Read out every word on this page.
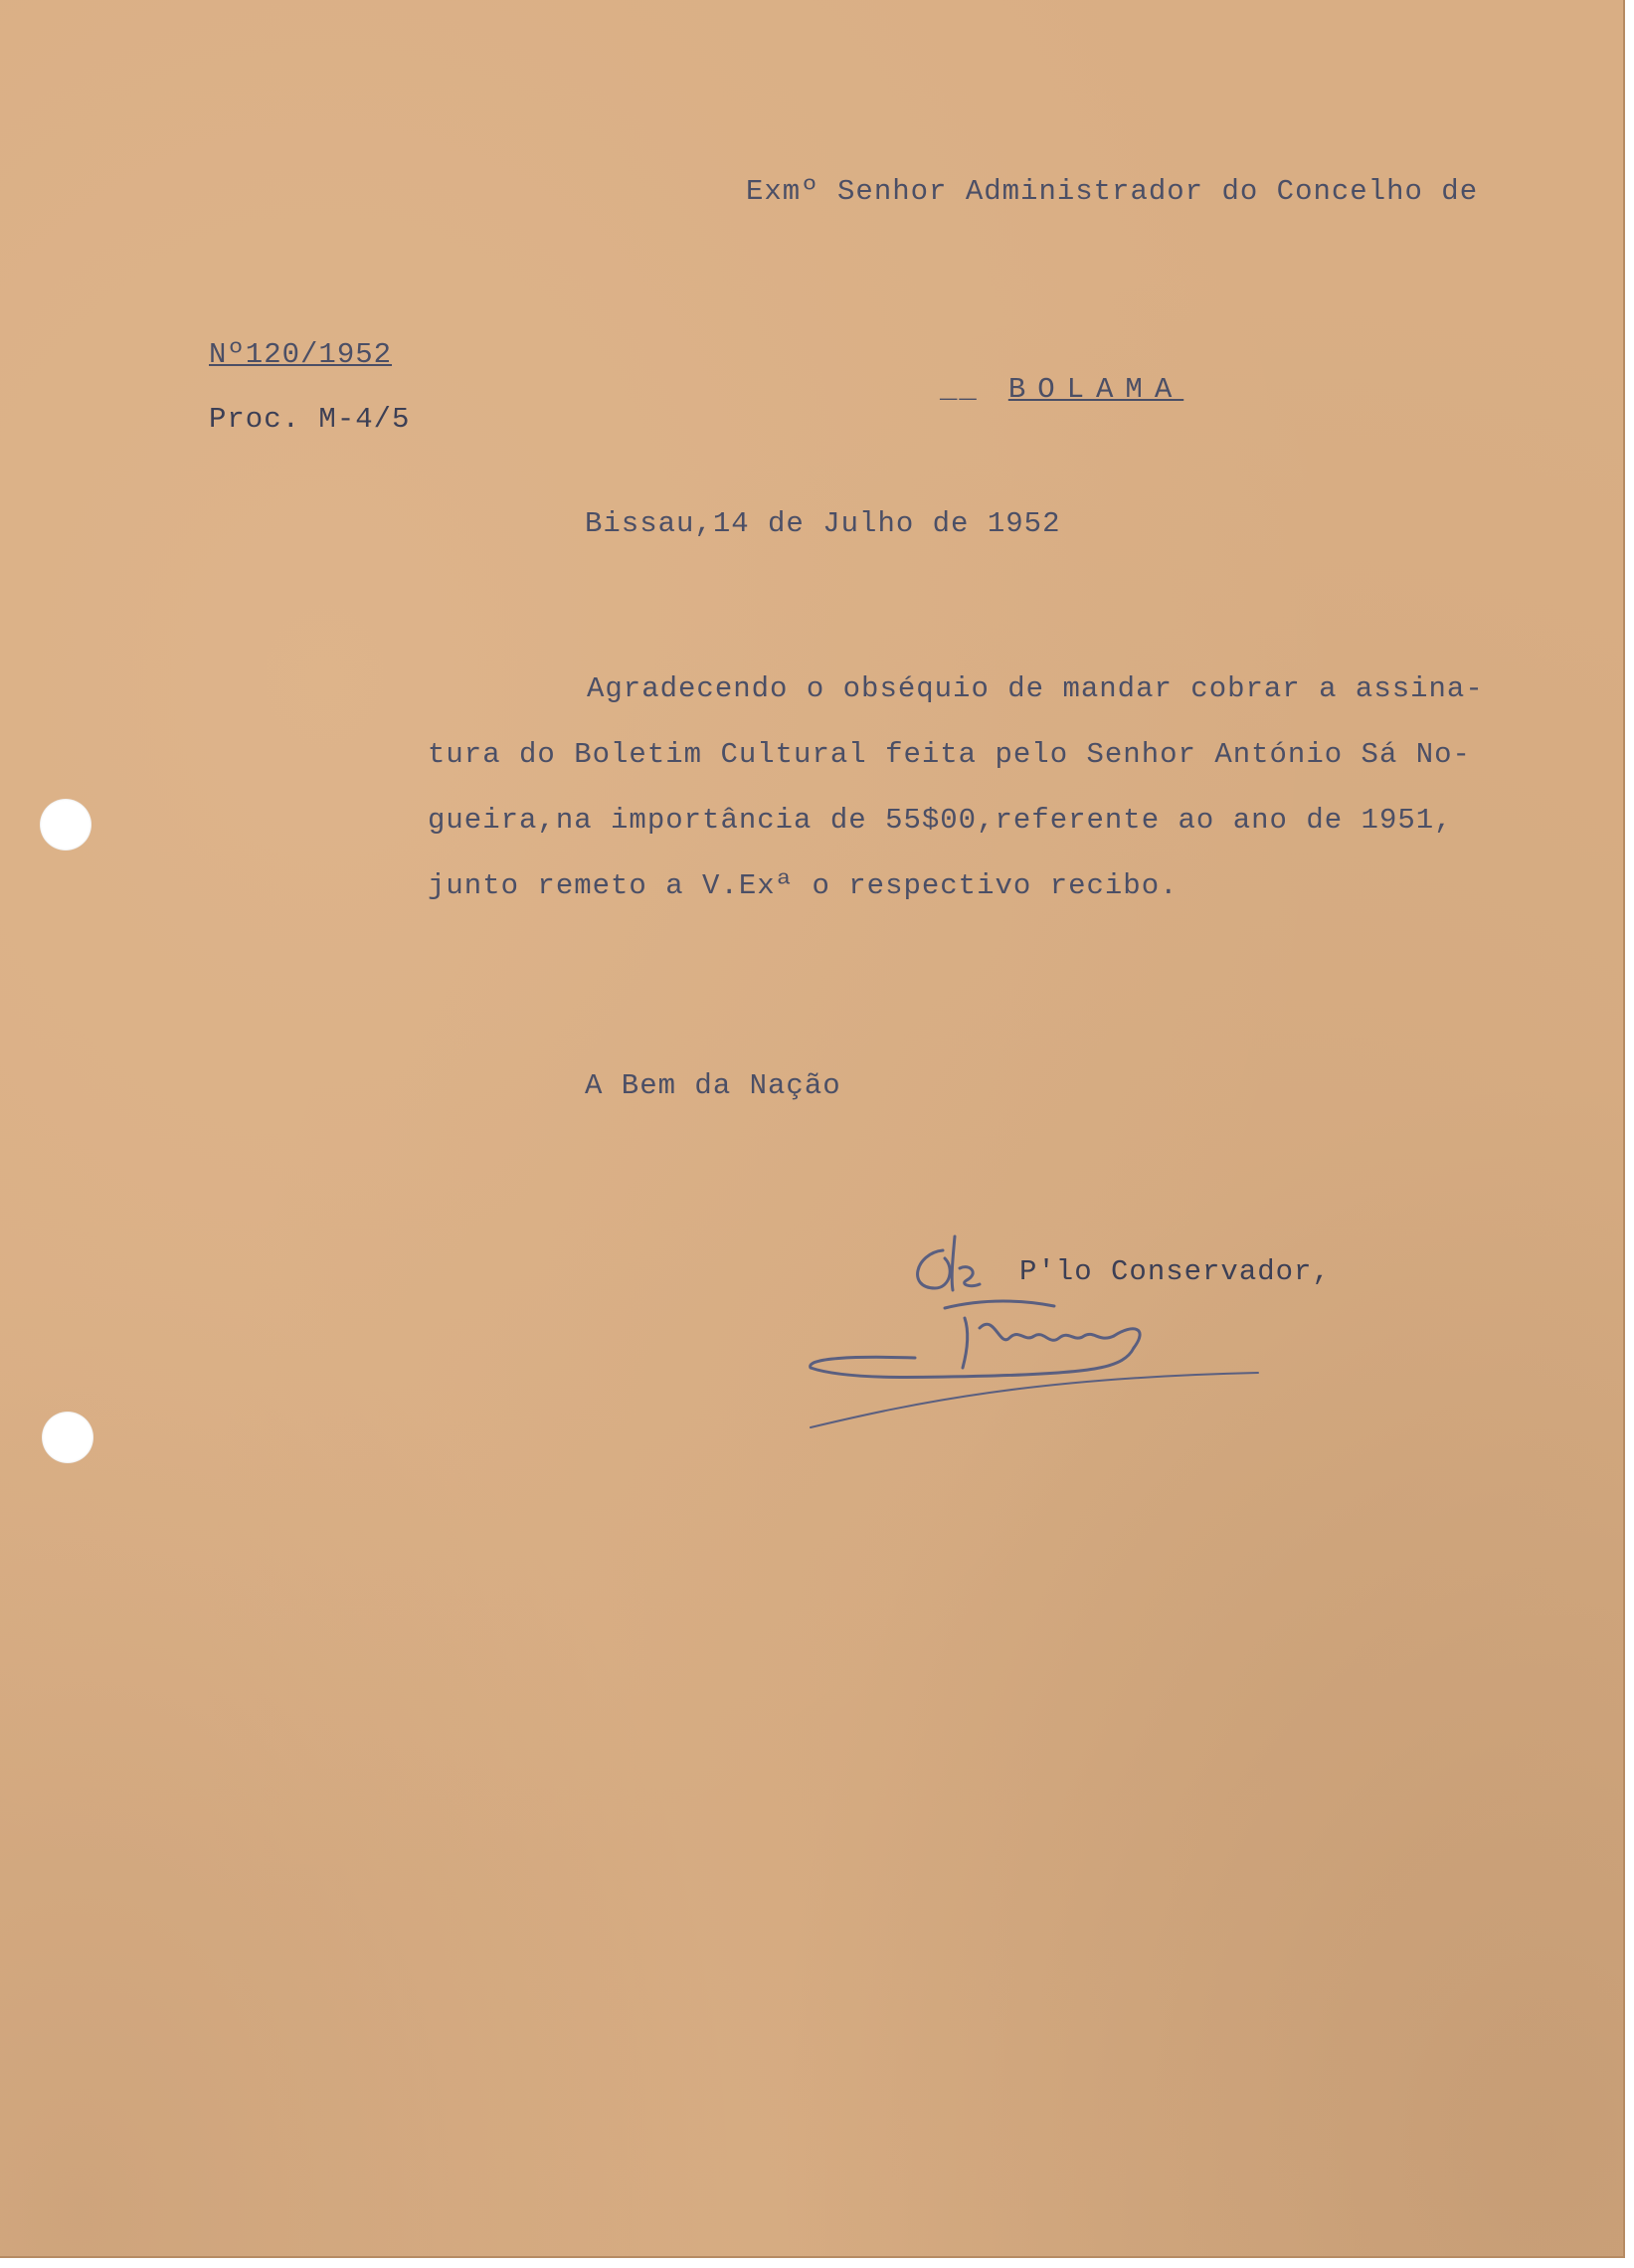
Exmº Senhor Administrador do Concelho de
Nº120/1952
Proc. M-4/5
__ BOLAMA
Bissau,14 de Julho de 1952
Agradecendo o obséquio de mandar cobrar a assina-
tura do Boletim Cultural feita pelo Senhor António Sá No-
gueira,na importância de 55$00,referente ao ano de 1951,
junto remeto a V.Exª o respectivo recibo.
A Bem da Nação
P'lo Conservador,
